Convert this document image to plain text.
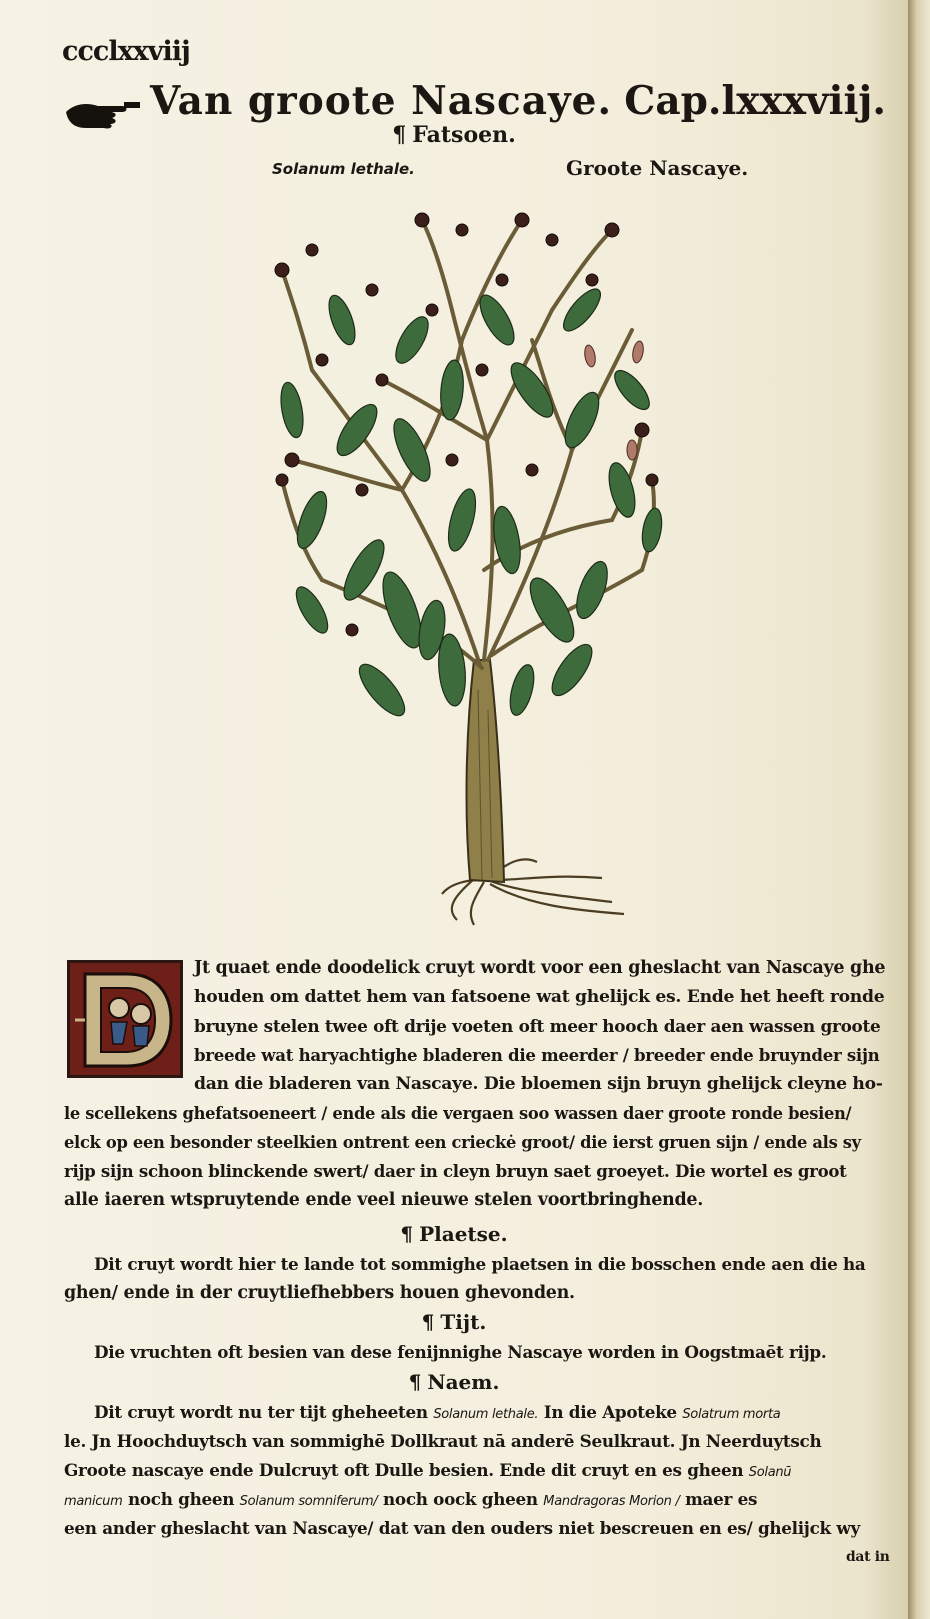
ccclxxviij
Van groote Nascaye. Cap.lxxxviij.
¶ Fatsoen.
Solanum lethale.	Groote Nascaye.
Jt quaet ende doodelick cruyt wordt voor een gheslacht van Nascaye ghe
houden om dattet hem van fatsoene wat ghelijck es. Ende het heeft ronde
bruyne stelen twee oft drije voeten oft meer hooch daer aen wassen groote
breede wat haryachtighe bladeren die meerder / breeder ende bruynder sijn
dan die bladeren van Nascaye. Die bloemen sijn bruyn ghelijck cleyne ho-
le scellekens ghefatsoeneert / ende als die vergaen soo wassen daer groote ronde besien/
elck op een besonder steelkien ontrent een crieckė groot/ die ierst gruen sijn / ende als sy
rijp sijn schoon blinckende swert/ daer in cleyn bruyn saet groeyet. Die wortel es groot
alle iaeren wtspruytende ende veel nieuwe stelen voortbringhende.
¶ Plaetse.
Dit cruyt wordt hier te lande tot sommighe plaetsen in die bosschen ende aen die ha
ghen/ ende in der cruytliefhebbers houen ghevonden.
¶ Tijt.
Die vruchten oft besien van dese fenijnnighe Nascaye worden in Oogstmaēt rijp.
¶ Naem.
Dit cruyt wordt nu ter tijt gheheeten Solanum lethale. In die Apoteke Solatrum morta
le. Jn Hoochduytsch van sommighē Dollkraut nā anderē Seulkraut. Jn Neerduytsch
Groote nascaye ende Dulcruyt oft Dulle besien. Ende dit cruyt en es gheen Solanū
manicum noch gheen Solanum somniferum/ noch oock gheen Mandragoras Morion / maer es
een ander gheslacht van Nascaye/ dat van den ouders niet bescreuen en es/ ghelijck wy
dat in
